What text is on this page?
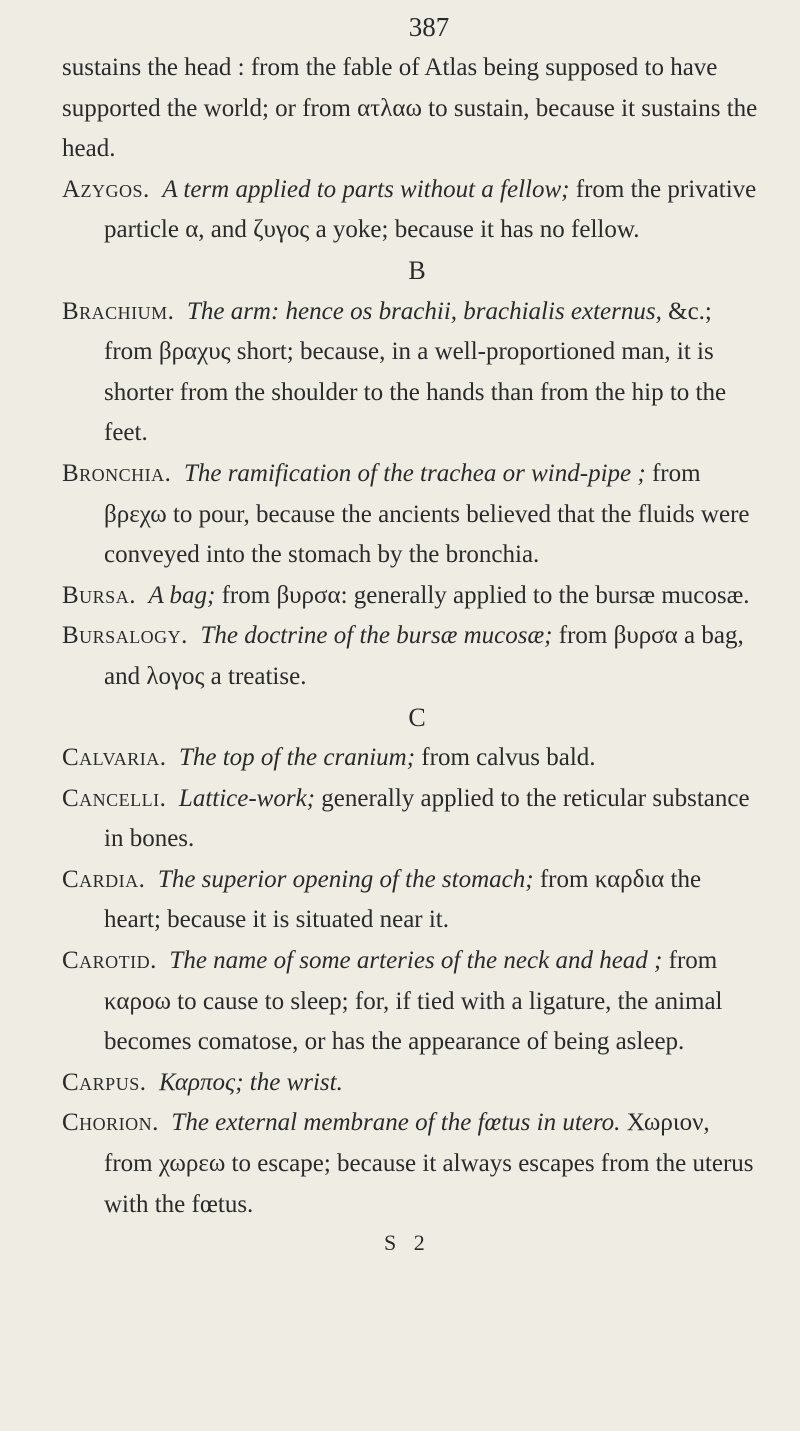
387

sustains the head : from the fable of Atlas being supposed to have supported the world; or from ατλαω to sustain, because it sustains the head.

Azygos. A term applied to parts without a fellow; from the privative particle α, and ζυγος a yoke; because it has no fellow.

B

Brachium. The arm: hence os brachii, brachialis externus, &c.; from βραχυς short; because, in a well-proportioned man, it is shorter from the shoulder to the hands than from the hip to the feet.

Bronchia. The ramification of the trachea or wind-pipe ; from βρεχω to pour, because the ancients believed that the fluids were conveyed into the stomach by the bronchia.

Bursa. A bag; from βυρσα: generally applied to the bursæ mucosæ.

Bursalogy. The doctrine of the bursæ mucosæ; from βυρσα a bag, and λογος a treatise.

C

Calvaria. The top of the cranium; from calvus bald.

Cancelli. Lattice-work; generally applied to the reticular substance in bones.

Cardia. The superior opening of the stomach; from καρδια the heart; because it is situated near it.

Carotid. The name of some arteries of the neck and head ; from καροω to cause to sleep; for, if tied with a ligature, the animal becomes comatose, or has the appearance of being asleep.

Carpus. Καρπος; the wrist.

Chorion. The external membrane of the fœtus in utero. Χωριον, from χωρεω to escape; because it always escapes from the uterus with the fœtus.

S 2
